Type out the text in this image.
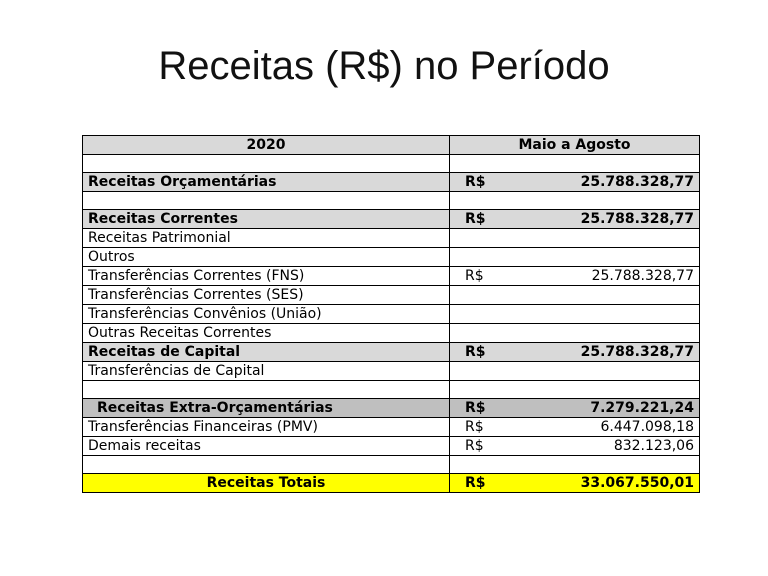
Receitas (R$) no Período
2020	Maio a Agosto

Receitas Orçamentárias	R$ 25.788.328,77

Receitas Correntes	R$ 25.788.328,77

Receitas Patrimonial	
Outros	
Transferências Correntes (FNS)	R$ 25.788.328,77

Transferências Correntes (SES)	
Transferências Convênios (União)	
Outras Receitas Correntes	
Receitas de Capital	R$ 25.788.328,77

Transferências de Capital	

Receitas Extra-Orçamentárias	R$ 7.279.221,24

Transferências Financeiras (PMV)	R$ 6.447.098,18

Demais receitas	R$ 832.123,06

Receitas Totais	R$ 33.067.550,01
